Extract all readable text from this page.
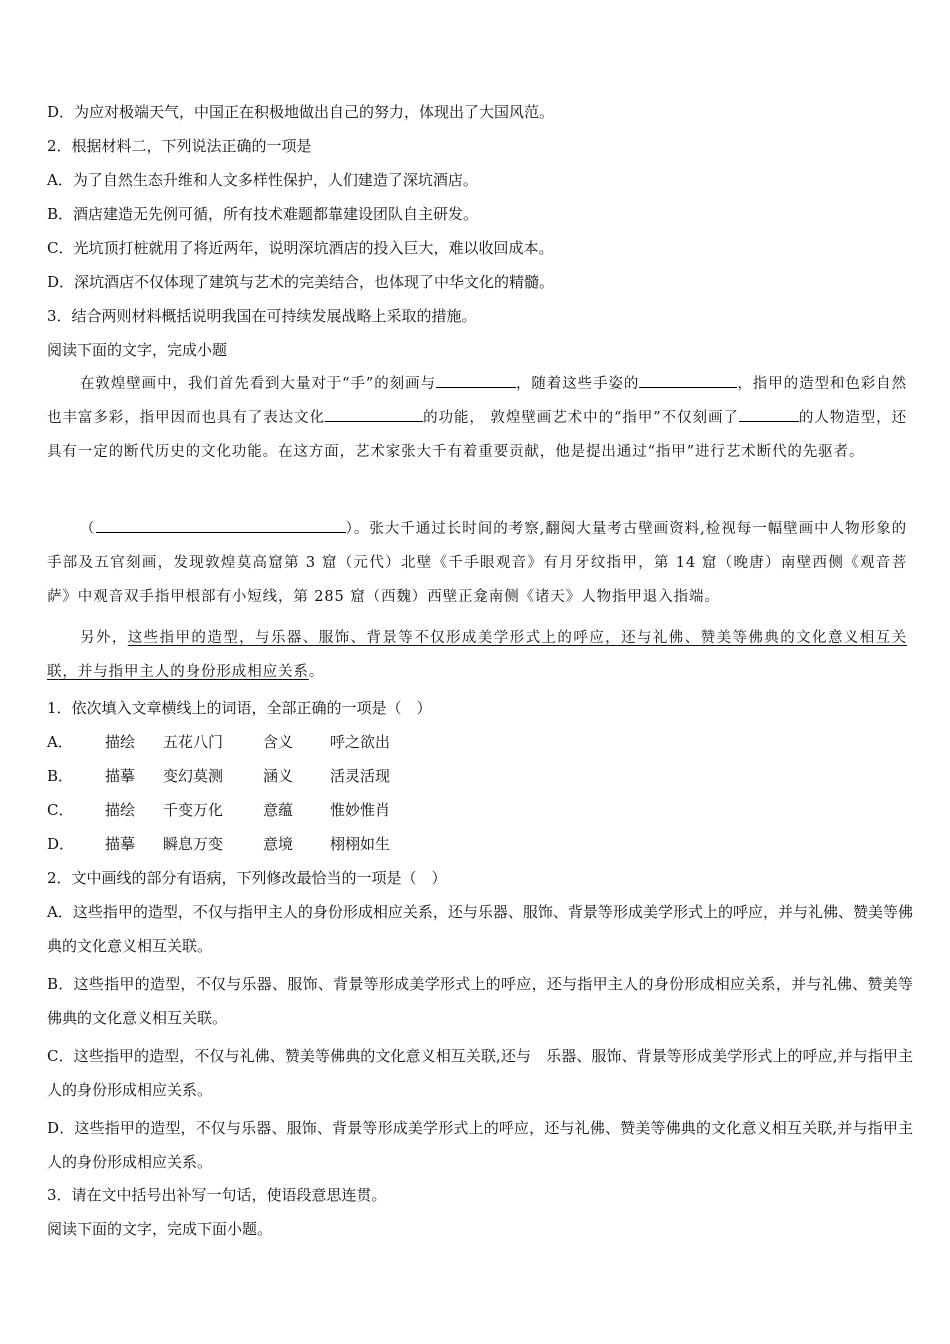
D．为应对极端天气，中国正在积极地做出自己的努力，体现出了大国风范。
2．根据材料二，下列说法正确的一项是
A．为了自然生态升维和人文多样性保护，人们建造了深坑酒店。
B．酒店建造无先例可循，所有技术难题都靠建设团队自主研发。
C．光坑顶打桩就用了将近两年，说明深坑酒店的投入巨大，难以收回成本。
D．深坑酒店不仅体现了建筑与艺术的完美结合，也体现了中华文化的精髓。
3．结合两则材料概括说明我国在可持续发展战略上采取的措施。
阅读下面的文字，完成小题
在敦煌壁画中，我们首先看到大量对于“手”的刻画与	，随着这些手姿的	，指甲的造型和色彩自然也丰富多彩，指甲因而也具有了表达文化	的功能， 敦煌壁画艺术中的“指甲”不仅刻画了	的人物造型，还具有一定的断代历史的文化功能。在这方面，艺术家张大千有着重要贡献，他是提出通过“指甲”进行艺术断代的先驱者。
（	）。张大千通过长时间的考察,翻阅大量考古壁画资料,检视每一幅壁画中人物形象的手部及五官刻画，发现敦煌莫高窟第 3 窟（元代）北壁《千手眼观音》有月牙纹指甲，第 14 窟（晚唐）南壁西侧《观音菩萨》中观音双手指甲根部有小短线，第 285 窟（西魏）西壁正龛南侧《诸天》人物指甲退入指端。
另外，这些指甲的造型，与乐器、服饰、背景等不仅形成美学形式上的呼应，还与礼佛、赞美等佛典的文化意义相互关联，并与指甲主人的身份形成相应关系。
1．依次填入文章横线上的词语，全部正确的一项是（　）
A． 描绘 五花八门	含义 呼之欲出
B． 描摹 变幻莫测	涵义 活灵活现
C． 描绘 千变万化	意蕴 惟妙惟肖
D． 描摹 瞬息万变	意境 栩栩如生
2．文中画线的部分有语病，下列修改最恰当的一项是（　）
A．这些指甲的造型，不仅与指甲主人的身份形成相应关系，还与乐器、服饰、背景等形成美学形式上的呼应，并与礼佛、赞美等佛典的文化意义相互关联。
B．这些指甲的造型，不仅与乐器、服饰、背景等形成美学形式上的呼应，还与指甲主人的身份形成相应关系，并与礼佛、赞美等佛典的文化意义相互关联。
C．这些指甲的造型，不仅与礼佛、赞美等佛典的文化意义相互关联,还与　乐器、服饰、背景等形成美学形式上的呼应,并与指甲主人的身份形成相应关系。
D．这些指甲的造型，不仅与乐器、服饰、背景等形成美学形式上的呼应，还与礼佛、赞美等佛典的文化意义相互关联,并与指甲主人的身份形成相应关系。
3．请在文中括号出补写一句话，使语段意思连贯。
阅读下面的文字，完成下面小题。
